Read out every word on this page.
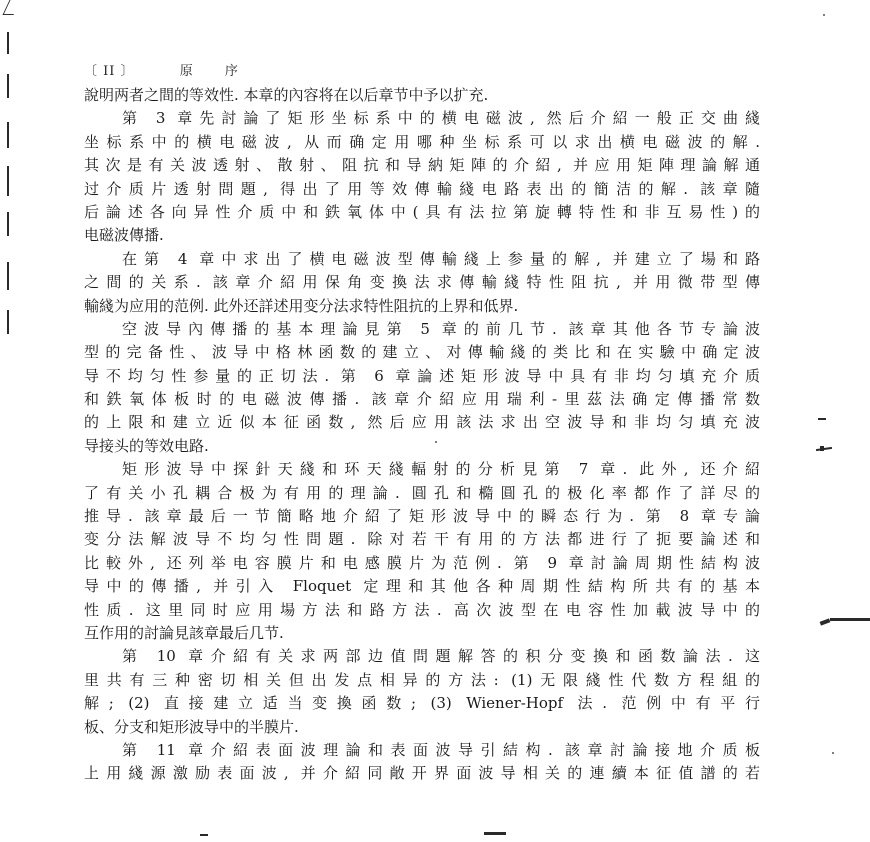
〔 II 〕	原 序
說明两者之間的等效性. 本章的內容将在以后章节中予以扩充.
第 3 章先討論了矩形坐标系中的横电磁波, 然后介紹一般正交曲綫
坐标系中的横电磁波, 从而确定用哪种坐标系可以求出横电磁波的解.
其次是有关波透射、散射、阻抗和导納矩陣的介紹, 并应用矩陣理論解通
过介质片透射問題, 得出了用等效傳輸綫电路表出的簡洁的解. 該章隨
后論述各向异性介质中和鉄氧体中(具有法拉第旋轉特性和非互易性)的
电磁波傳播.
在第 4 章中求出了横电磁波型傳輸綫上参量的解, 并建立了場和路
之間的关系. 該章介紹用保角变換法求傳輸綫特性阻抗, 并用微带型傳
輸綫为应用的范例. 此外还詳述用变分法求特性阻抗的上界和低界.
空波导內傳播的基本理論見第 5 章的前几节. 該章其他各节专論波
型的完备性、波导中格林函数的建立、对傳輸綫的类比和在实驗中确定波
导不均匀性参量的正切法. 第 6 章論述矩形波导中具有非均匀填充介质
和鉄氧体板时的电磁波傳播. 該章介紹应用瑞利-里茲法确定傳播常数
的上限和建立近似本征函数, 然后应用該法求出空波导和非均匀填充波
导接头的等效电路.
矩形波导中探針天綫和环天綫輻射的分析見第 7 章. 此外, 还介紹
了有关小孔耦合极为有用的理論. 圓孔和橢圓孔的极化率都作了詳尽的
推导. 該章最后一节簡略地介紹了矩形波导中的瞬态行为. 第 8 章专論
变分法解波导不均匀性問題. 除对若干有用的方法都进行了扼要論述和
比較外, 还列举电容膜片和电感膜片为范例. 第 9 章討論周期性結构波
导中的傳播, 并引入 Floquet 定理和其他各种周期性結构所共有的基本
性质. 这里同时应用場方法和路方法. 高次波型在电容性加載波导中的
互作用的討論見該章最后几节.
第 10 章介紹有关求两部边值問題解答的积分变換和函数論法. 这
里共有三种密切相关但出发点相异的方法: (1)无限綫性代数方程組的
解; (2) 直接建立适当变換函数; (3) Wiener-Hopf 法. 范例中有平行
板、分支和矩形波导中的半膜片.
第 11 章介紹表面波理論和表面波导引結构. 該章討論接地介质板
上用綫源激励表面波, 并介紹同敞开界面波导相关的連續本征值譜的若
